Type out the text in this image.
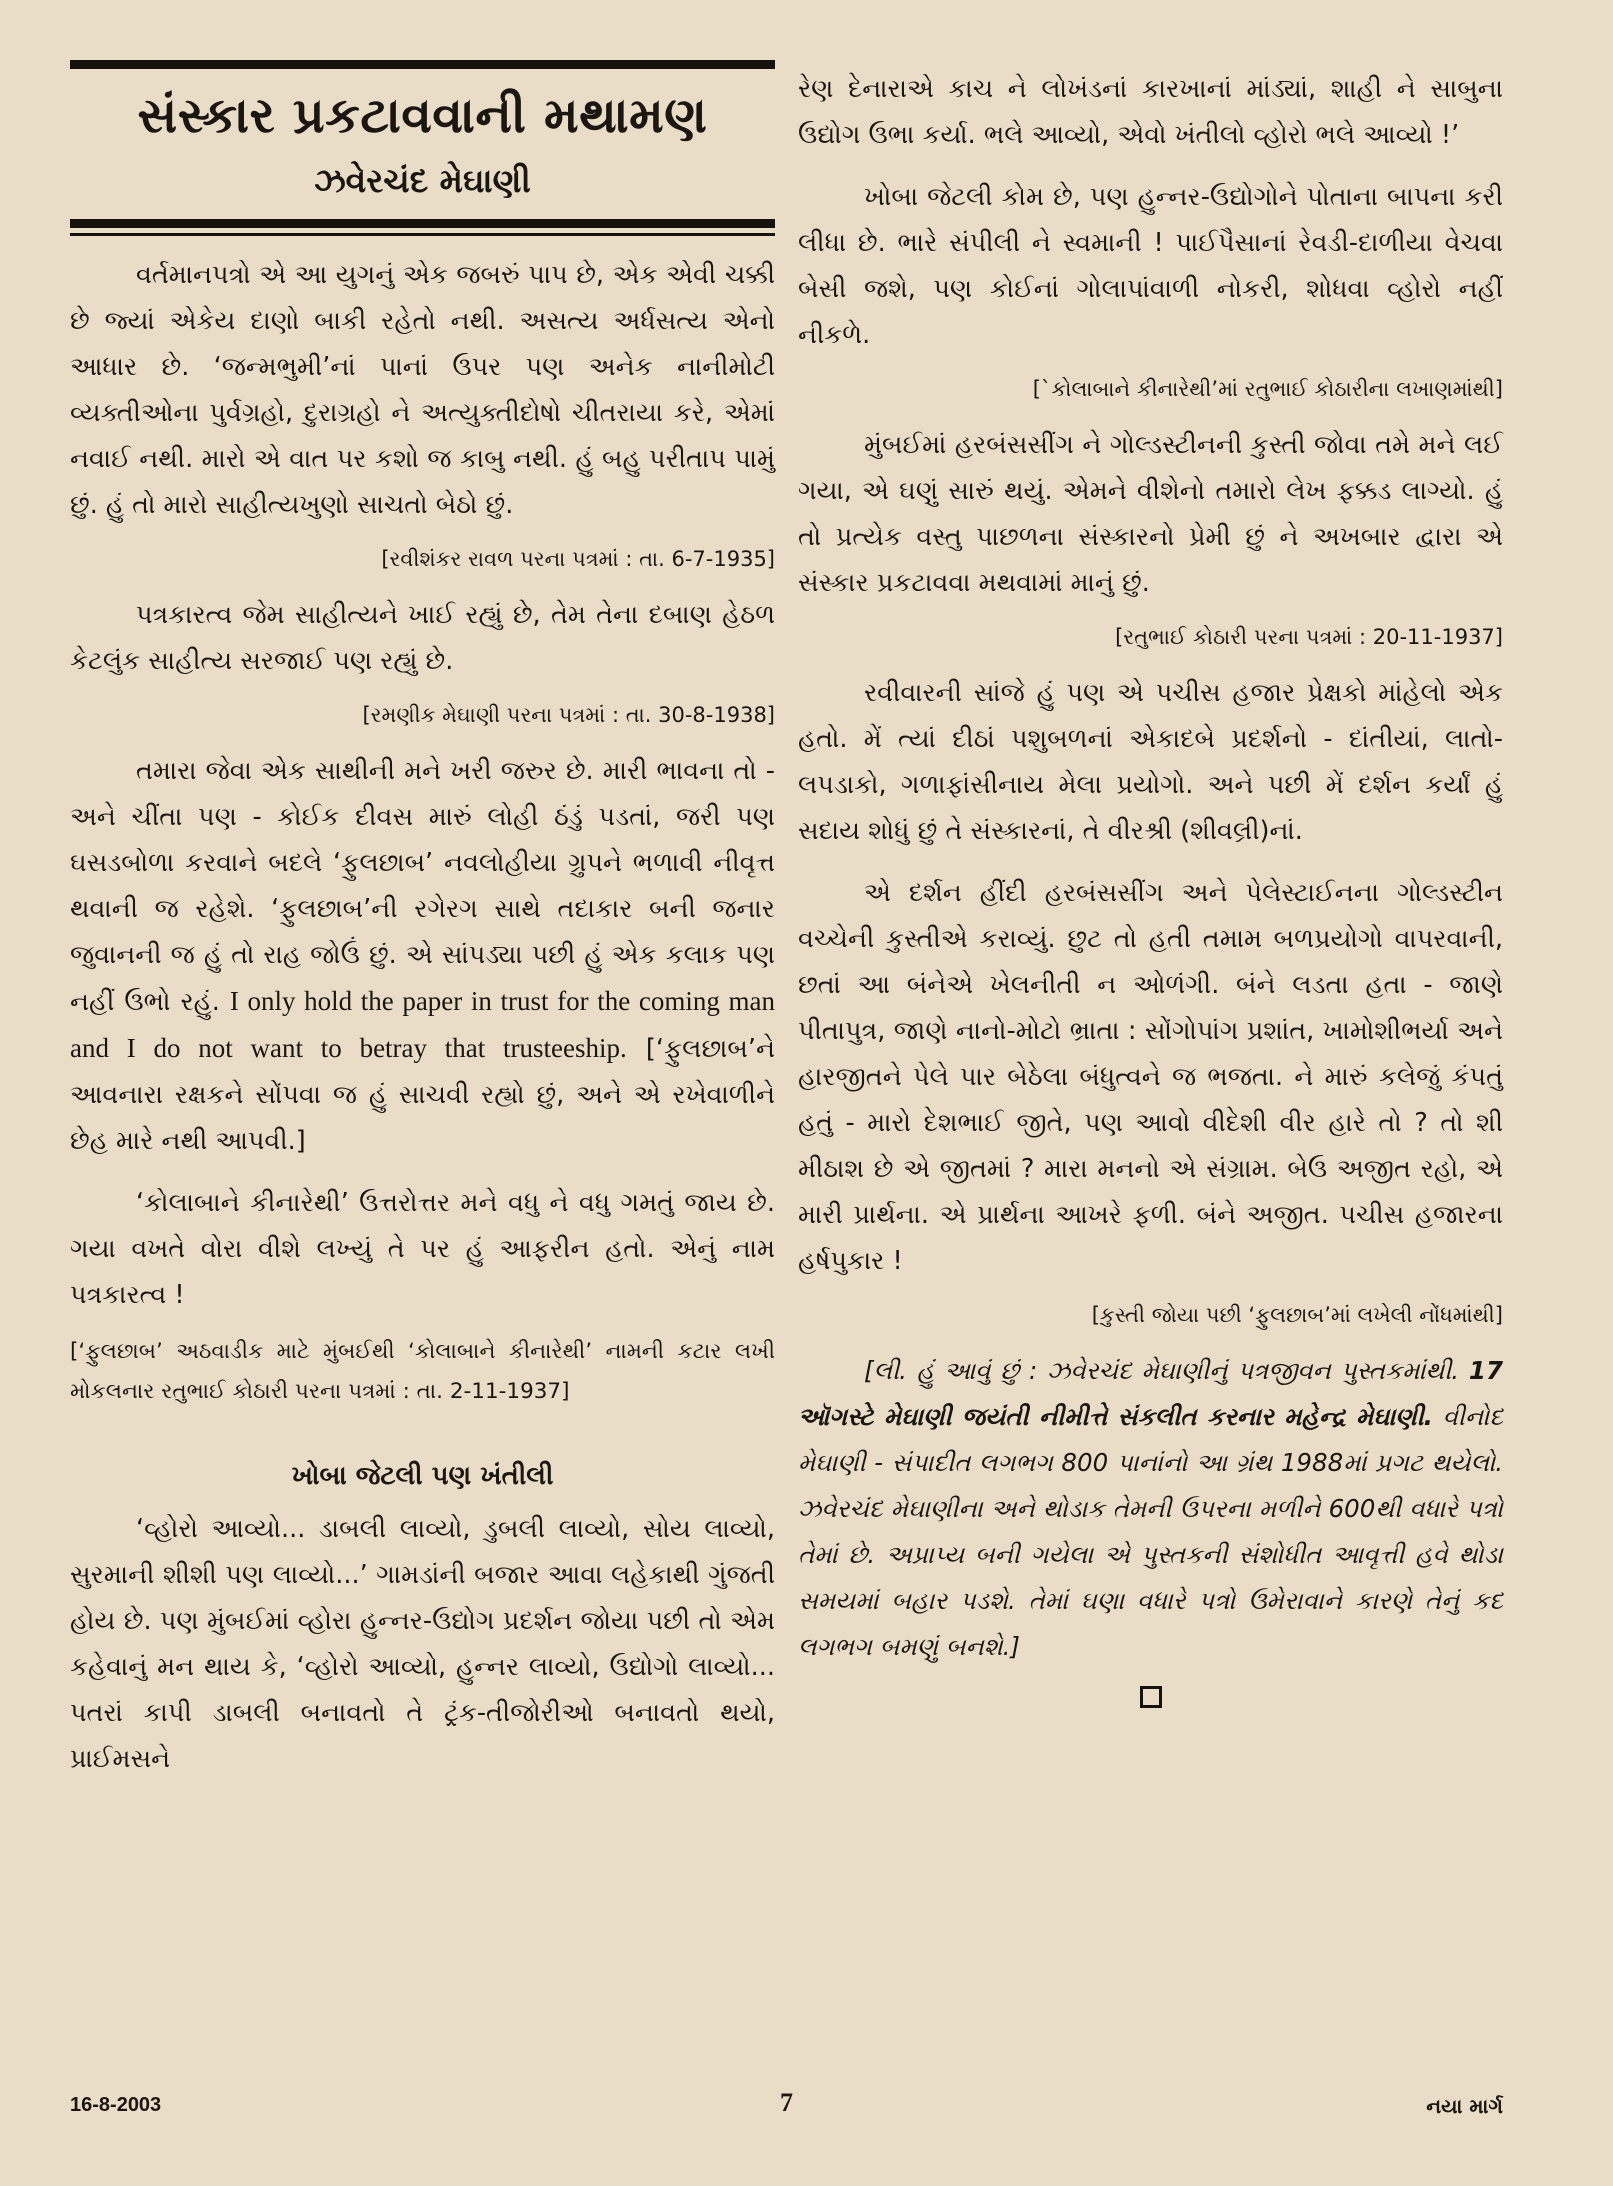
સંસ્કાર પ્રકટાવવાની મથામણ
ઝવેરચંદ મેઘાણી

વર્તમાનપત્રો એ આ યુગનું એક જબરું પાપ છે, એક એવી ચક્કી છે જ્યાં એકેય દાણો બાકી રહેતો નથી. અસત્ય અર્ધસત્ય એનો આધાર છે. ‘જન્મભુમી’નાં પાનાં ઉપર પણ અનેક નાનીમોટી વ્યક્તીઓના પુર્વગ્રહો, દુરાગ્રહો ને અત્યુક્તીદોષો ચીતરાયા કરે, એમાં નવાઈ નથી. મારો એ વાત પર કશો જ કાબુ નથી. હું બહુ પરીતાપ પામું છું. હું તો મારો સાહીત્યખુણો સાચતો બેઠો છું.

[રવીશંકર રાવળ પરના પત્રમાં : તા. 6-7-1935]

પત્રકારત્વ જેમ સાહીત્યને ખાઈ રહ્યું છે, તેમ તેના દબાણ હેઠળ કેટલુંક સાહીત્ય સરજાઈ પણ રહ્યું છે.

[રમણીક મેઘાણી પરના પત્રમાં : તા. 30-8-1938]

તમારા જેવા એક સાથીની મને ખરી જરુર છે. મારી ભાવના તો - અને ચીંતા પણ - કોઈક દીવસ મારું લોહી ઠંડું પડતાં, જરી પણ ઘસડબોળા કરવાને બદલે ‘ફુલછાબ’ નવલોહીયા ગ્રુપને ભળાવી નીવૃત્ત થવાની જ રહેશે. ‘ફુલછાબ’ની રગેરગ સાથે તદાકાર બની જનાર જુવાનની જ હું તો રાહ જોઉં છું. એ સાંપડ્યા પછી હું એક કલાક પણ નહીં ઉભો રહું. I only hold the paper in trust for the coming man and I do not want to betray that trusteeship. [‘ફુલછાબ’ને આવનારા રક્ષકને સોંપવા જ હું સાચવી રહ્યો છું, અને એ રખેવાળીને છેહ મારે નથી આપવી.]

‘કોલાબાને કીનારેથી’ ઉત્તરોત્તર મને વધુ ને વધુ ગમતું જાય છે. ગયા વખતે વોરા વીશે લખ્યું તે પર હું આફરીન હતો. એનું નામ પત્રકારત્વ !

[‘ફુલછાબ’ અઠવાડીક માટે મુંબઈથી ‘કોલાબાને કીનારેથી’ નામની કટાર લખી મોકલનાર રતુભાઈ કોઠારી પરના પત્રમાં : તા. 2-11-1937]
ખોબા જેટલી પણ ખંતીલી

‘વ્હોરો આવ્યો... ડાબલી લાવ્યો, ડુબલી લાવ્યો, સોય લાવ્યો, સુરમાની શીશી પણ લાવ્યો...’ ગામડાંની બજાર આવા લહેકાથી ગુંજતી હોય છે. પણ મુંબઈમાં વ્હોરા હુન્નર-ઉદ્યોગ પ્રદર્શન જોયા પછી તો એમ કહેવાનું મન થાય કે, ‘વ્હોરો આવ્યો, હુન્નર લાવ્યો, ઉદ્યોગો લાવ્યો... પતરાં કાપી ડાબલી બનાવતો તે ટ્રંક-તીજોરીઓ બનાવતો થયો, પ્રાઈમસને

રેણ દેનારાએ કાચ ને લોખંડનાં કારખાનાં માંડ્યાં, શાહી ને સાબુના ઉદ્યોગ ઉભા કર્યા. ભલે આવ્યો, એવો ખંતીલો વ્હોરો ભલે આવ્યો !’

ખોબા જેટલી કોમ છે, પણ હુન્નર-ઉદ્યોગોને પોતાના બાપના કરી લીધા છે. ભારે સંપીલી ને સ્વમાની ! પાઈપૈસાનાં રેવડી-દાળીયા વેચવા બેસી જશે, પણ કોઈનાં ગોલાપાંવાળી નોકરી, શોધવા વ્હોરો નહીં નીકળે.

[`કોલાબાને કીનારેથી’માં રતુભાઈ કોઠારીના લખાણમાંથી]

મુંબઈમાં હરબંસસીંગ ને ગોલ્ડસ્ટીનની કુસ્તી જોવા તમે મને લઈ ગયા, એ ઘણું સારું થયું. એમને વીશેનો તમારો લેખ ફક્કડ લાગ્યો. હું તો પ્રત્યેક વસ્તુ પાછળના સંસ્કારનો પ્રેમી છું ને અખબાર દ્વારા એ સંસ્કાર પ્રકટાવવા મથવામાં માનું છું.

[રતુભાઈ કોઠારી પરના પત્રમાં : 20-11-1937]

રવીવારની સાંજે હું પણ એ પચીસ હજાર પ્રેક્ષકો માંહેલો એક હતો. મેં ત્યાં દીઠાં પશુબળનાં એકાદબે પ્રદર્શનો - દાંતીયાં, લાતો-લપડાકો, ગળાફાંસીનાય મેલા પ્રયોગો. અને પછી મેં દર્શન કર્યાં હું સદાય શોધું છું તે સંસ્કારનાં, તે વીરશ્રી (શીવલ્રી)નાં.

એ દર્શન હીંદી હરબંસસીંગ અને પેલેસ્ટાઈનના ગોલ્ડસ્ટીન વચ્ચેની કુસ્તીએ કરાવ્યું. છુટ તો હતી તમામ બળપ્રયોગો વાપરવાની, છતાં આ બંનેએ ખેલનીતી ન ઓળંગી. બંને લડતા હતા - જાણે પીતાપુત્ર, જાણે નાનો-મોટો ભ્રાતા : સોંગોપાંગ પ્રશાંત, ખામોશીભર્યા અને હારજીતને પેલે પાર બેઠેલા બંધુત્વને જ ભજતા. ને મારું કલેજું કંપતું હતું - મારો દેશભાઈ જીતે, પણ આવો વીદેશી વીર હારે તો ? તો શી મીઠાશ છે એ જીતમાં ? મારા મનનો એ સંગ્રામ. બેઉ અજીત રહો, એ મારી પ્રાર્થના. એ પ્રાર્થના આખરે ફળી. બંને અજીત. પચીસ હજારના હર્ષપુકાર !

[કુસ્તી જોયા પછી ‘ફુલછાબ’માં લખેલી નોંધમાંથી]

[લી. હું આવું છું : ઝવેરચંદ મેઘાણીનું પત્રજીવન પુસ્તકમાંથી. 17 ઑગસ્ટે મેઘાણી જયંતી નીમીત્તે સંકલીત કરનાર મહેન્દ્ર મેઘાણી. વીનોદ મેઘાણી - સંપાદીત લગભગ 800 પાનાંનો આ ગ્રંથ 1988માં પ્રગટ થયેલો. ઝવેરચંદ મેઘાણીના અને થોડાક તેમની ઉપરના મળીને 600થી વધારે પત્રો તેમાં છે. અપ્રાપ્ય બની ગયેલા એ પુસ્તકની સંશોધીત આવૃત્તી હવે થોડા સમયમાં બહાર પડશે. તેમાં ઘણા વધારે પત્રો ઉમેરાવાને કારણે તેનું કદ લગભગ બમણું બનશે.]

16-8-2003	7	નયા માર્ગ
